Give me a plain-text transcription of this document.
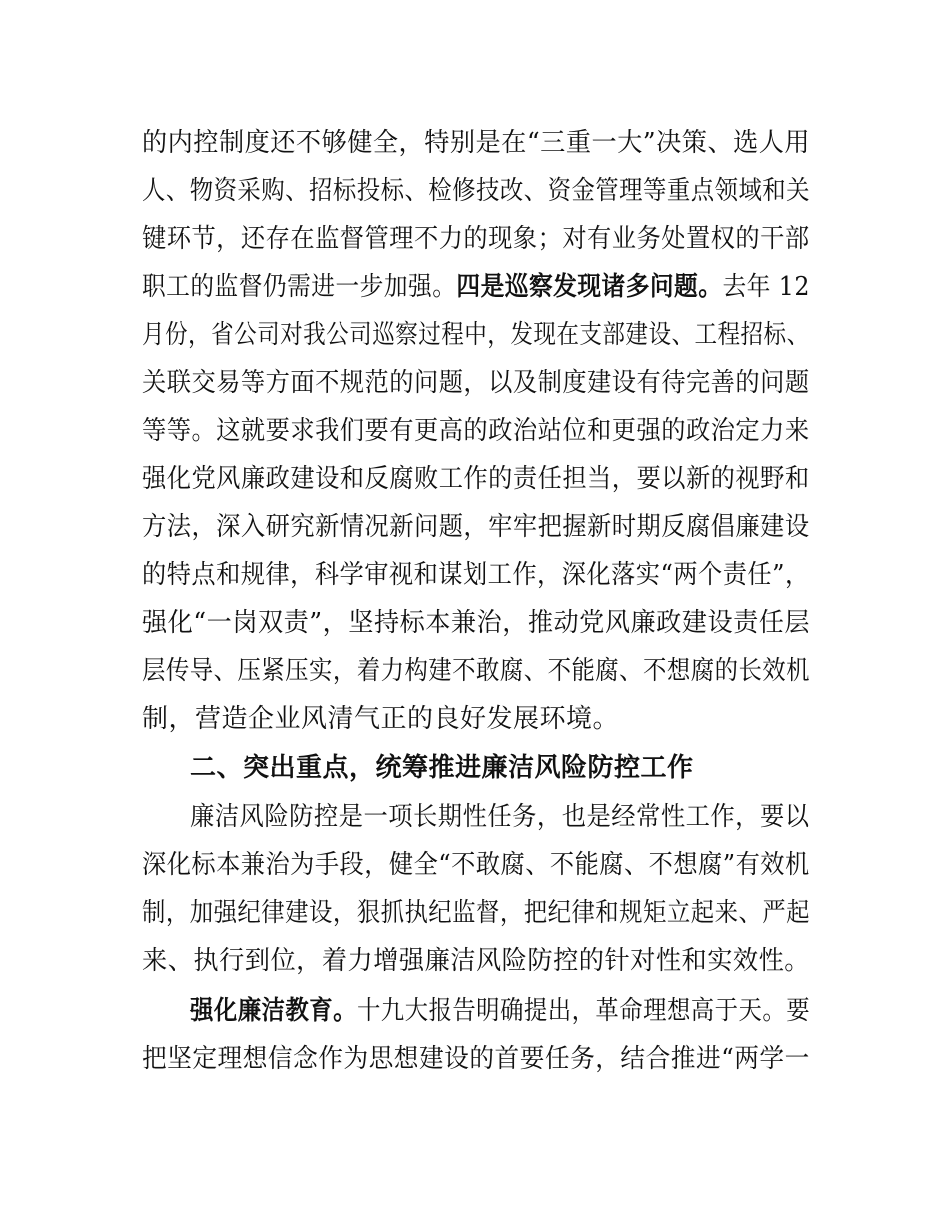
的内控制度还不够健全，特别是在“三重一大”决策、选人用
人、物资采购、招标投标、检修技改、资金管理等重点领域和关
键环节，还存在监督管理不力的现象；对有业务处置权的干部
职工的监督仍需进一步加强。四是巡察发现诸多问题。去年 12
月份，省公司对我公司巡察过程中，发现在支部建设、工程招标、
关联交易等方面不规范的问题，以及制度建设有待完善的问题
等等。这就要求我们要有更高的政治站位和更强的政治定力来
强化党风廉政建设和反腐败工作的责任担当，要以新的视野和
方法，深入研究新情况新问题，牢牢把握新时期反腐倡廉建设
的特点和规律，科学审视和谋划工作，深化落实“两个责任”，
强化“一岗双责”，坚持标本兼治，推动党风廉政建设责任层
层传导、压紧压实，着力构建不敢腐、不能腐、不想腐的长效机
制，营造企业风清气正的良好发展环境。
二、突出重点，统筹推进廉洁风险防控工作
廉洁风险防控是一项长期性任务，也是经常性工作，要以
深化标本兼治为手段，健全“不敢腐、不能腐、不想腐”有效机
制，加强纪律建设，狠抓执纪监督，把纪律和规矩立起来、严起
来、执行到位，着力增强廉洁风险防控的针对性和实效性。
强化廉洁教育。十九大报告明确提出，革命理想高于天。要
把坚定理想信念作为思想建设的首要任务，结合推进“两学一
